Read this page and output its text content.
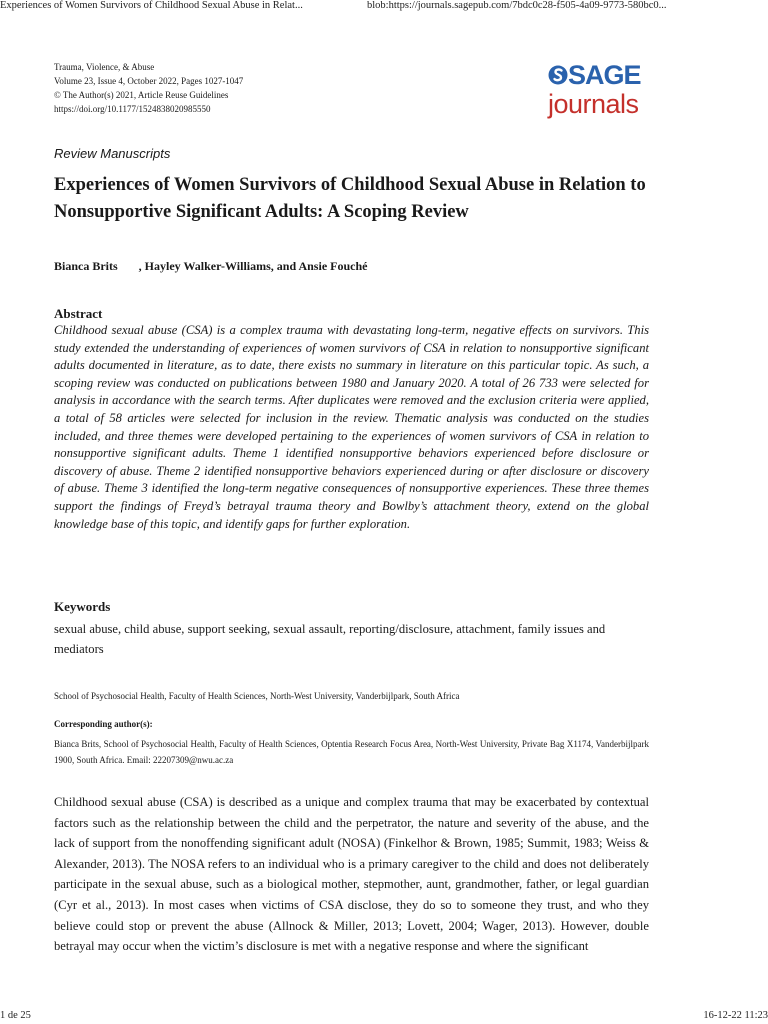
Experiences of Women Survivors of Childhood Sexual Abuse in Relat...	blob:https://journals.sagepub.com/7bdc0c28-f505-4a09-9773-580bc0...
Trauma, Violence, & Abuse
Volume 23, Issue 4, October 2022, Pages 1027-1047
© The Author(s) 2021, Article Reuse Guidelines
https://doi.org/10.1177/1524838020985550
SAGE
journals
Review Manuscripts
Experiences of Women Survivors of Childhood Sexual Abuse in Relation to Nonsupportive Significant Adults: A Scoping Review
Bianca Brits , Hayley Walker-Williams, and Ansie Fouché
Abstract

Childhood sexual abuse (CSA) is a complex trauma with devastating long-term, negative effects on survivors. This study extended the understanding of experiences of women survivors of CSA in relation to nonsupportive significant adults documented in literature, as to date, there exists no summary in literature on this particular topic. As such, a scoping review was conducted on publications between 1980 and January 2020. A total of 26 733 were selected for analysis in accordance with the search terms. After duplicates were removed and the exclusion criteria were applied, a total of 58 articles were selected for inclusion in the review. Thematic analysis was conducted on the studies included, and three themes were developed pertaining to the experiences of women survivors of CSA in relation to nonsupportive significant adults. Theme 1 identified nonsupportive behaviors experienced before disclosure or discovery of abuse. Theme 2 identified nonsupportive behaviors experienced during or after disclosure or discovery of abuse. Theme 3 identified the long-term negative consequences of nonsupportive experiences. These three themes support the findings of Freyd’s betrayal trauma theory and Bowlby’s attachment theory, extend on the global knowledge base of this topic, and identify gaps for further exploration.

Keywords

sexual abuse, child abuse, support seeking, sexual assault, reporting/disclosure, attachment, family issues and mediators

School of Psychosocial Health, Faculty of Health Sciences, North-West University, Vanderbijlpark, South Africa
Corresponding author(s):

Bianca Brits, School of Psychosocial Health, Faculty of Health Sciences, Optentia Research Focus Area, North-West University, Private Bag X1174, Vanderbijlpark 1900, South Africa. Email: 22207309@nwu.ac.za

Childhood sexual abuse (CSA) is described as a unique and complex trauma that may be exacerbated by contextual factors such as the relationship between the child and the perpetrator, the nature and severity of the abuse, and the lack of support from the nonoffending significant adult (NOSA) (Finkelhor & Brown, 1985; Summit, 1983; Weiss & Alexander, 2013). The NOSA refers to an individual who is a primary caregiver to the child and does not deliberately participate in the sexual abuse, such as a biological mother, stepmother, aunt, grandmother, father, or legal guardian (Cyr et al., 2013). In most cases when victims of CSA disclose, they do so to someone they trust, and who they believe could stop or prevent the abuse (Allnock & Miller, 2013; Lovett, 2004; Wager, 2013). However, double betrayal may occur when the victim’s disclosure is met with a negative response and where the significant

1 de 25	16-12-22 11:23
